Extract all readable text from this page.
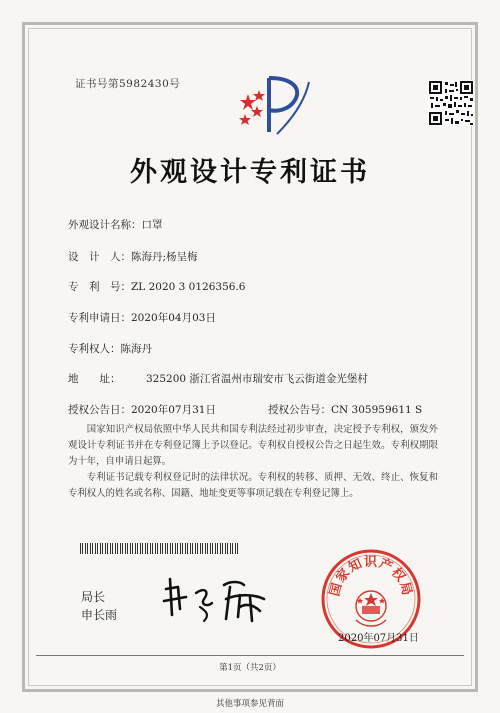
证书号第5982430号
外观设计专利证书
外观设计名称：口罩
设　计　人：陈海丹;杨呈梅
专　利　号：ZL 2020 3 0126356.6
专利申请日：2020年04月03日
专利权人：陈海丹
地　　址： 325200 浙江省温州市瑞安市飞云街道金光堡村
授权公告日：2020年07月31日	授权公告号：CN 305959611 S
国家知识产权局依照中华人民共和国专利法经过初步审查，决定授予专利权，颁发外观设计专利证书并在专利登记簿上予以登记。专利权自授权公告之日起生效。专利权期限为十年，自申请日起算。
专利证书记载专利权登记时的法律状况。专利权的转移、质押、无效、终止、恢复和专利权人的姓名或名称、国籍、地址变更等事项记载在专利登记簿上。
局长
申长雨
国家知识产权局
2020年07月31日
第1页（共2页）
其他事项参见背面
